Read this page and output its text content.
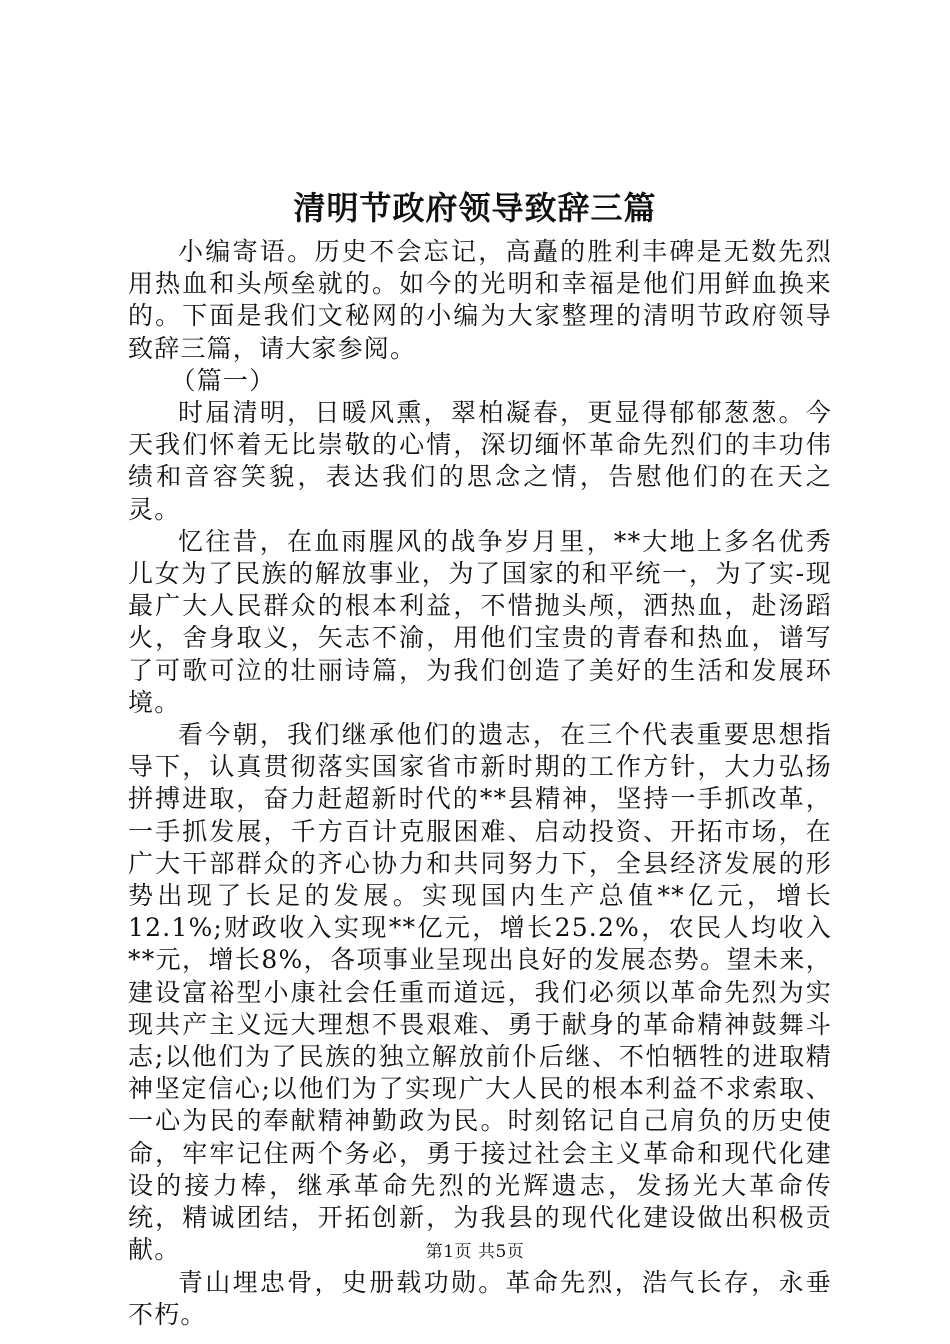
清明节政府领导致辞三篇

小编寄语。历史不会忘记，高矗的胜利丰碑是无数先烈用热血和头颅垒就的。如今的光明和幸福是他们用鲜血换来的。下面是我们文秘网的小编为大家整理的清明节政府领导致辞三篇，请大家参阅。

（篇一）

时届清明，日暖风熏，翠柏凝春，更显得郁郁葱葱。今天我们怀着无比崇敬的心情，深切缅怀革命先烈们的丰功伟绩和音容笑貌，表达我们的思念之情，告慰他们的在天之灵。

忆往昔，在血雨腥风的战争岁月里，**大地上多名优秀儿女为了民族的解放事业，为了国家的和平统一，为了实-现最广大人民群众的根本利益，不惜抛头颅，洒热血，赴汤蹈火，舍身取义，矢志不渝，用他们宝贵的青春和热血，谱写了可歌可泣的壮丽诗篇，为我们创造了美好的生活和发展环境。

看今朝，我们继承他们的遗志，在三个代表重要思想指导下，认真贯彻落实国家省市新时期的工作方针，大力弘扬拼搏进取，奋力赶超新时代的**县精神，坚持一手抓改革，一手抓发展，千方百计克服困难、启动投资、开拓市场，在广大干部群众的齐心协力和共同努力下，全县经济发展的形势出现了长足的发展。实现国内生产总值**亿元，增长12.1%;财政收入实现**亿元，增长25.2%，农民人均收入**元，增长8%，各项事业呈现出良好的发展态势。望未来，建设富裕型小康社会任重而道远，我们必须以革命先烈为实现共产主义远大理想不畏艰难、勇于献身的革命精神鼓舞斗志;以他们为了民族的独立解放前仆后继、不怕牺牲的进取精神坚定信心;以他们为了实现广大人民的根本利益不求索取、一心为民的奉献精神勤政为民。时刻铭记自己肩负的历史使命，牢牢记住两个务必，勇于接过社会主义革命和现代化建设的接力棒，继承革命先烈的光辉遗志，发扬光大革命传统，精诚团结，开拓创新，为我县的现代化建设做出积极贡献。

青山埋忠骨，史册载功勋。革命先烈，浩气长存，永垂不朽。

第1页 共5页
